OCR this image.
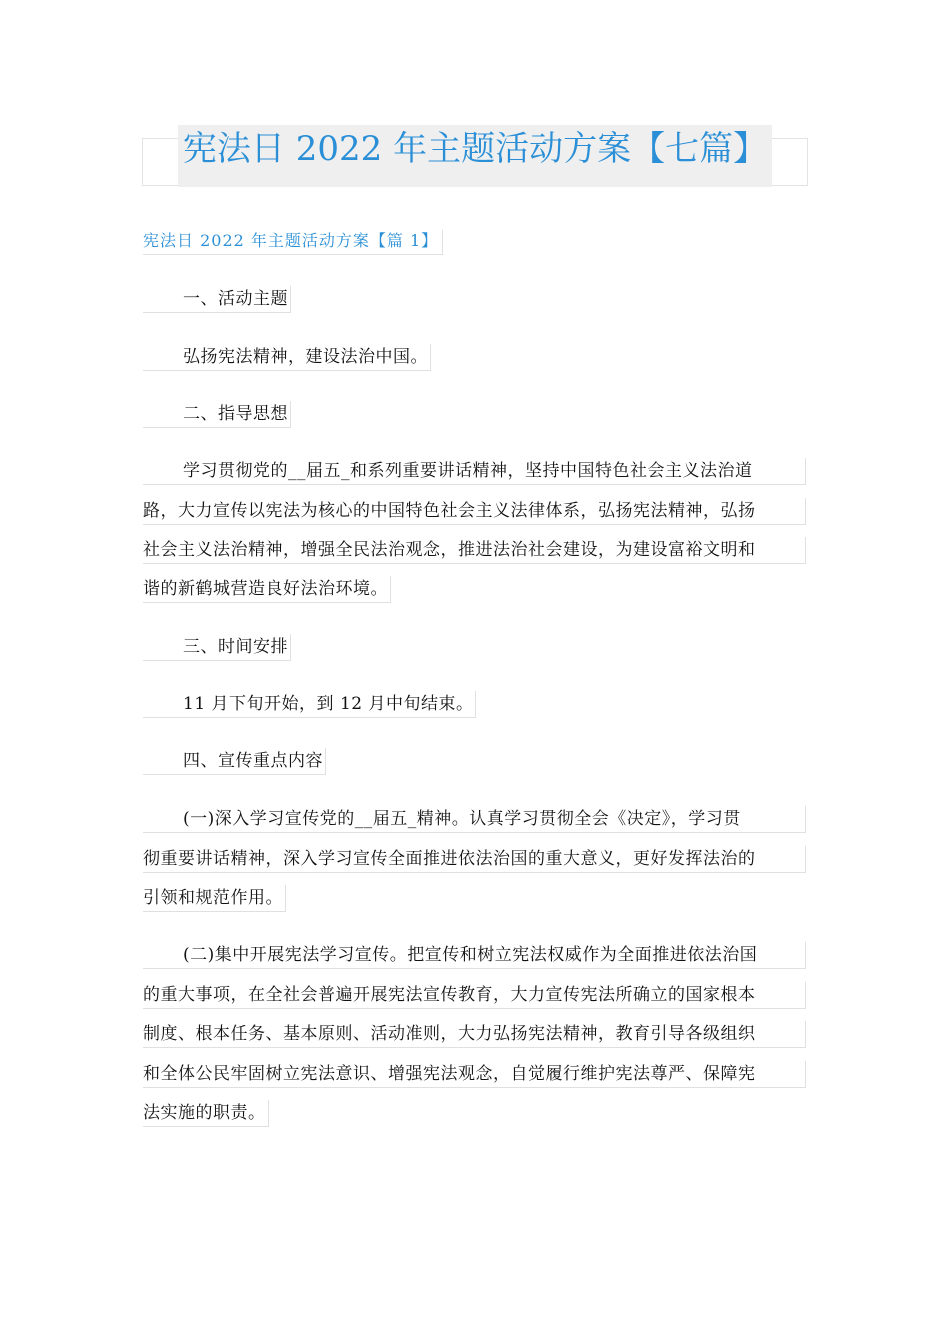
宪法日 2022 年主题活动方案【七篇】
宪法日 2022 年主题活动方案【篇 1】
一、活动主题
弘扬宪法精神，建设法治中国。
二、指导思想
学习贯彻党的__届五_和系列重要讲话精神，坚持中国特色社会主义法治道
路，大力宣传以宪法为核心的中国特色社会主义法律体系，弘扬宪法精神，弘扬
社会主义法治精神，增强全民法治观念，推进法治社会建设，为建设富裕文明和
谐的新鹤城营造良好法治环境。
三、时间安排
11 月下旬开始，到 12 月中旬结束。
四、宣传重点内容
(一)深入学习宣传党的__届五_精神。认真学习贯彻全会《决定》，学习贯
彻重要讲话精神，深入学习宣传全面推进依法治国的重大意义，更好发挥法治的
引领和规范作用。
(二)集中开展宪法学习宣传。把宣传和树立宪法权威作为全面推进依法治国
的重大事项，在全社会普遍开展宪法宣传教育，大力宣传宪法所确立的国家根本
制度、根本任务、基本原则、活动准则，大力弘扬宪法精神，教育引导各级组织
和全体公民牢固树立宪法意识、增强宪法观念，自觉履行维护宪法尊严、保障宪
法实施的职责。
